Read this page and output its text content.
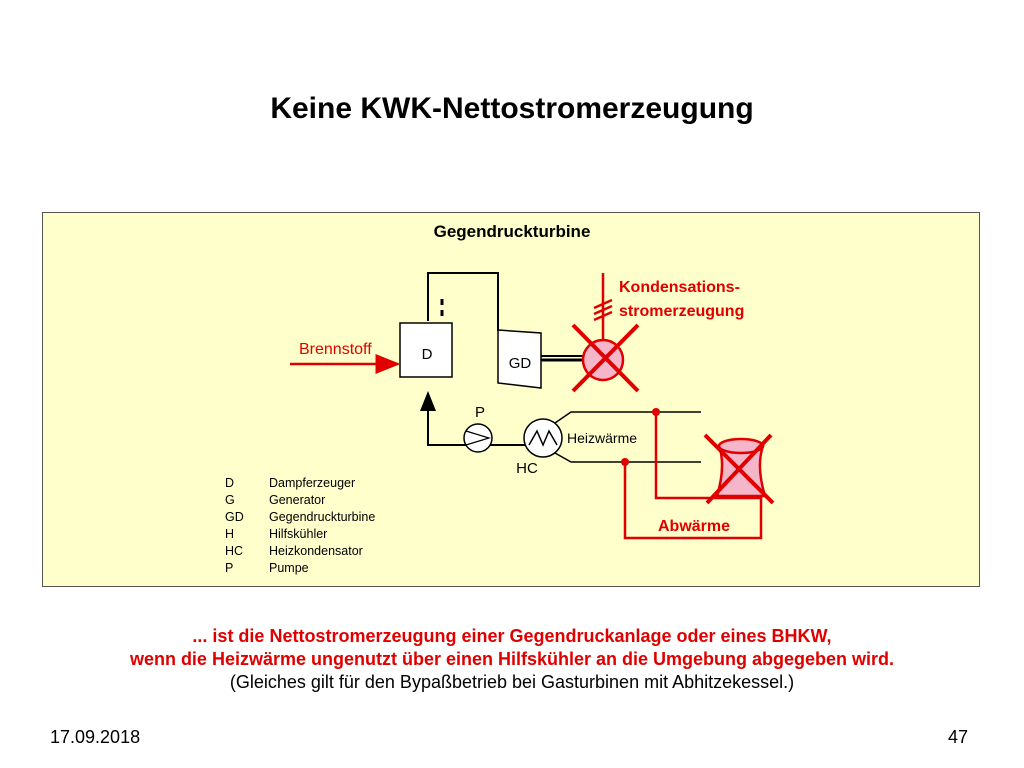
Keine KWK-Nettostromerzeugung
Gegendruckturbine
D
GD
Brennstoff
P
HC
Heizwärme
Abwärme
Kondensations-
stromerzeugung
D	Dampferzeuger
G	Generator
GD Gegendruckturbine
H	Hilfskühler
HC Heizkondensator
P	Pumpe
... ist die Nettostromerzeugung einer Gegendruckanlage oder eines BHKW,
wenn die Heizwärme ungenutzt über einen Hilfskühler an die Umgebung abgegeben wird.
(Gleiches gilt für den Bypaßbetrieb bei Gasturbinen mit Abhitzekessel.)
17.09.2018	47
